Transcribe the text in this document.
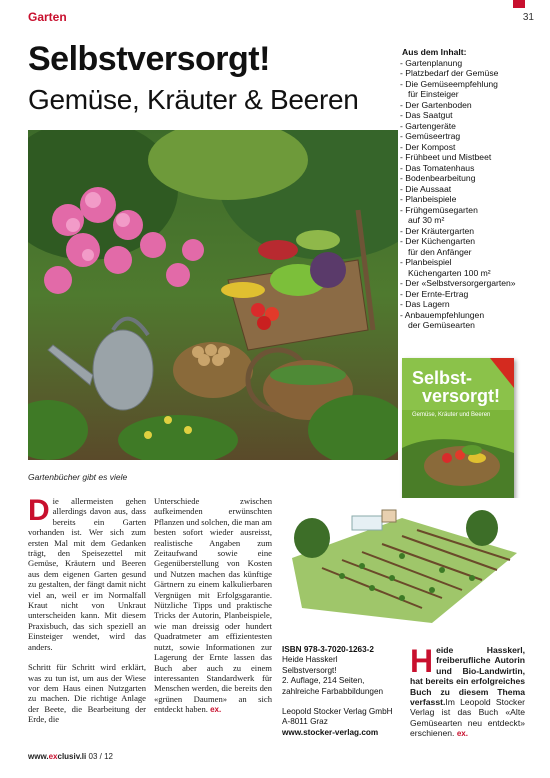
Garten	31
Selbstversorgt!
Gemüse, Kräuter & Beeren
Aus dem Inhalt:
- Gartenplanung
- Platzbedarf der Gemüse
- Die Gemüseempfehlung
für Einsteiger
- Der Gartenboden
- Das Saatgut
- Gartengeräte
- Gemüseertrag
- Der Kompost
- Frühbeet und Mistbeet
- Das Tomatenhaus
- Bodenbearbeitung
- Die Aussaat
- Planbeispiele
- Frühgemüsegarten
auf 30 m²
- Der Kräutergarten
- Der Küchengarten
für den Anfänger
- Planbeispiel
Küchengarten 100 m²
- Der «Selbstversorgergarten»
- Der Ernte-Ertrag
- Das Lagern
- Anbauempfehlungen
der Gemüsearten
Gartenbücher gibt es viele
Selbst-
versorgt!
Gemüse, Kräuter und Beeren

Die allermeisten gehen allerdings davon aus, dass bereits ein Garten vorhanden ist. Wer sich zum ersten Mal mit dem Gedanken trägt, den Speisezettel mit Gemüse, Kräutern und Beeren aus dem eigenen Garten gesund zu gestalten, der fängt damit nicht viel an, weil er im Normalfall Kraut nicht von Unkraut unterscheiden kann. Mit diesem Praxisbuch, das sich speziell an Einsteiger wendet, wird das anders.

Schritt für Schritt wird erklärt, was zu tun ist, um aus der Wiese vor dem Haus einen Nutzgarten zu machen. Die richtige Anlage der Beete, die Bearbeitung der Erde, die

Unterschiede zwischen aufkeimenden erwünschten Pflanzen und solchen, die man am besten sofort wieder ausreisst, realistische Angaben zum Zeitaufwand sowie eine Gegenüberstellung von Kosten und Nutzen machen das künftige Gärtnern zu einem kalkulierbaren Vergnügen mit Erfolgsgarantie. Nützliche Tipps und praktische Tricks der Autorin, Planbeispiele, wie man dreissig oder hundert Quadratmeter am effizientesten nutzt, sowie Informationen zur Lagerung der Ernte lassen das Buch aber auch zu einem interessanten Standardwerk für Menschen werden, die bereits den «grünen Daumen» an sich entdeckt haben. ex.

ISBN 978-3-7020-1263-2
Heide Hasskerl
Selbstversorgt!
2. Auflage, 214 Seiten,
zahlreiche Farbabbildungen
Leopold Stocker Verlag GmbH
A-8011 Graz
www.stocker-verlag.com
Heide Hasskerl, freiberufliche Autorin und Bio-Landwirtin, hat bereits ein erfolgreiches Buch zu diesem Thema verfasst.Im Leopold Stocker Verlag ist das Buch «Alte Gemüsearten neu entdeckt» erschienen. ex.
www.exclusiv.li 03 / 12
